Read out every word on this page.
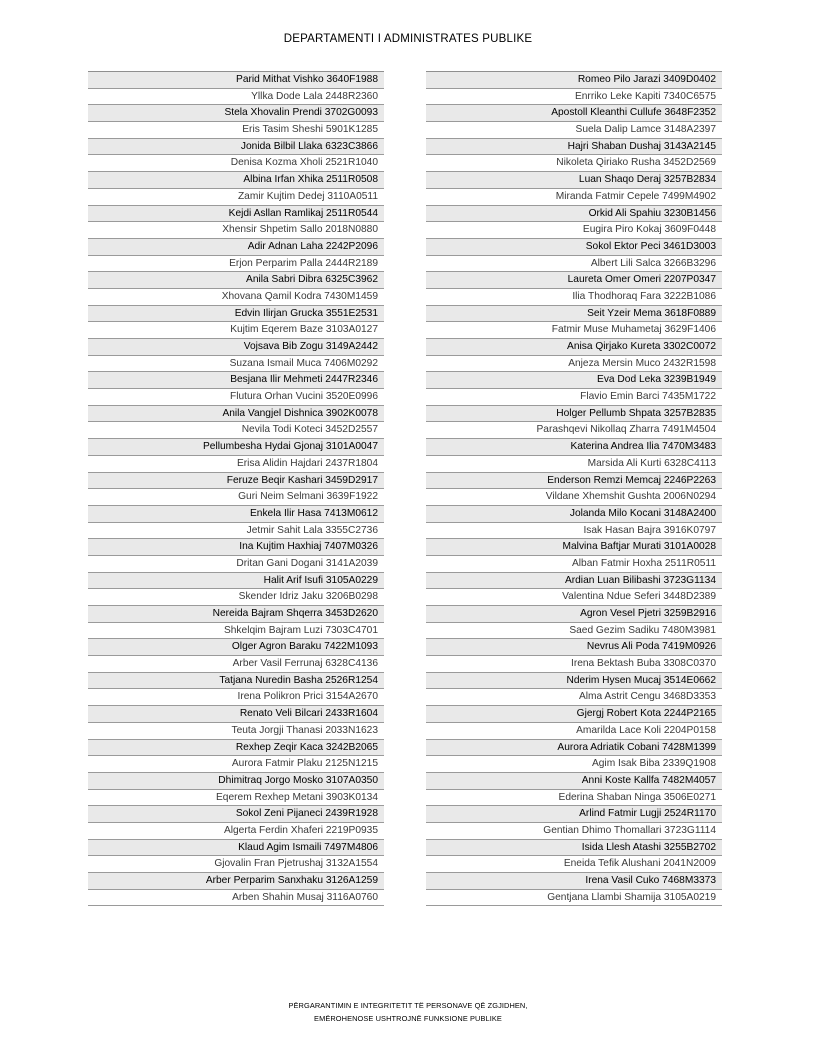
DEPARTAMENTI I ADMINISTRATES PUBLIKE
Parid Mithat Vishko 3640F1988
Yllka Dode Lala 2448R2360
Stela Xhovalin Prendi 3702G0093
Eris Tasim Sheshi 5901K1285
Jonida Bilbil Llaka 6323C3866
Denisa Kozma Xholi 2521R1040
Albina Irfan Xhika 2511R0508
Zamir Kujtim Dedej 3110A0511
Kejdi Asllan Ramlikaj 2511R0544
Xhensir Shpetim Sallo 2018N0880
Adir Adnan Laha 2242P2096
Erjon Perparim Palla 2444R2189
Anila Sabri Dibra 6325C3962
Xhovana Qamil Kodra 7430M1459
Edvin Ilirjan Grucka 3551E2531
Kujtim Eqerem Baze 3103A0127
Vojsava Bib Zogu 3149A2442
Suzana Ismail Muca 7406M0292
Besjana Ilir Mehmeti 2447R2346
Flutura Orhan Vucini 3520E0996
Anila Vangjel Dishnica 3902K0078
Nevila Todi Koteci 3452D2557
Pellumbesha Hydai Gjonaj 3101A0047
Erisa Alidin Hajdari 2437R1804
Feruze Beqir Kashari 3459D2917
Guri Neim Selmani 3639F1922
Enkela Ilir Hasa 7413M0612
Jetmir Sahit Lala 3355C2736
Ina Kujtim Haxhiaj 7407M0326
Dritan Gani Dogani 3141A2039
Halit Arif Isufi 3105A0229
Skender Idriz Jaku 3206B0298
Nereida Bajram Shqerra 3453D2620
Shkelqim Bajram Luzi 7303C4701
Olger Agron Baraku 7422M1093
Arber Vasil Ferrunaj 6328C4136
Tatjana Nuredin Basha 2526R1254
Irena Polikron Prici 3154A2670
Renato Veli Bilcari 2433R1604
Teuta Jorgji Thanasi 2033N1623
Rexhep Zeqir Kaca 3242B2065
Aurora Fatmir Plaku 2125N1215
Dhimitraq Jorgo Mosko 3107A0350
Eqerem Rexhep Metani 3903K0134
Sokol Zeni Pijaneci 2439R1928
Algerta Ferdin Xhaferi 2219P0935
Klaud Agim Ismaili 7497M4806
Gjovalin Fran Pjetrushaj 3132A1554
Arber Perparim Sanxhaku 3126A1259
Arben Shahin Musaj 3116A0760
Romeo Pilo Jarazi 3409D0402
Enrriko Leke Kapiti 7340C6575
Apostoll Kleanthi Cullufe 3648F2352
Suela Dalip Lamce 3148A2397
Hajri Shaban Dushaj 3143A2145
Nikoleta Qiriako Rusha 3452D2569
Luan Shaqo Deraj 3257B2834
Miranda Fatmir Cepele 7499M4902
Orkid Ali Spahiu 3230B1456
Eugira Piro Kokaj 3609F0448
Sokol Ektor Peci 3461D3003
Albert Lili Salca 3266B3296
Laureta Omer Omeri 2207P0347
Ilia Thodhoraq Fara 3222B1086
Seit Yzeir Mema 3618F0889
Fatmir Muse Muhametaj 3629F1406
Anisa Qirjako Kureta 3302C0072
Anjeza Mersin Muco 2432R1598
Eva Dod Leka 3239B1949
Flavio Emin Barci 7435M1722
Holger Pellumb Shpata 3257B2835
Parashqevi Nikollaq Zharra 7491M4504
Katerina Andrea Ilia 7470M3483
Marsida Ali Kurti 6328C4113
Enderson Remzi Memcaj 2246P2263
Vildane Xhemshit Gushta 2006N0294
Jolanda Milo Kocani 3148A2400
Isak Hasan Bajra 3916K0797
Malvina Baftjar Murati 3101A0028
Alban Fatmir Hoxha 2511R0511
Ardian Luan Bilibashi 3723G1134
Valentina Ndue Seferi 3448D2389
Agron Vesel Pjetri 3259B2916
Saed Gezim Sadiku 7480M3981
Nevrus Ali Poda 7419M0926
Irena Bektash Buba 3308C0370
Nderim Hysen Mucaj 3514E0662
Alma Astrit Cengu 3468D3353
Gjergj Robert Kota 2244P2165
Amarilda Lace Koli 2204P0158
Aurora Adriatik Cobani 7428M1399
Agim Isak Biba 2339Q1908
Anni Koste Kallfa 7482M4057
Ederina Shaban Ninga 3506E0271
Arlind Fatmir Lugji 2524R1170
Gentian Dhimo Thomallari 3723G1114
Isida Llesh Atashi 3255B2702
Eneida Tefik Alushani 2041N2009
Irena Vasil Cuko 7468M3373
Gentjana Llambi Shamija 3105A0219
PËRGARANTIMIN E INTEGRITETIT TË PERSONAVE QË ZGJIDHEN,
EMËROHENOSE USHTROJNË FUNKSIONE PUBLIKE
